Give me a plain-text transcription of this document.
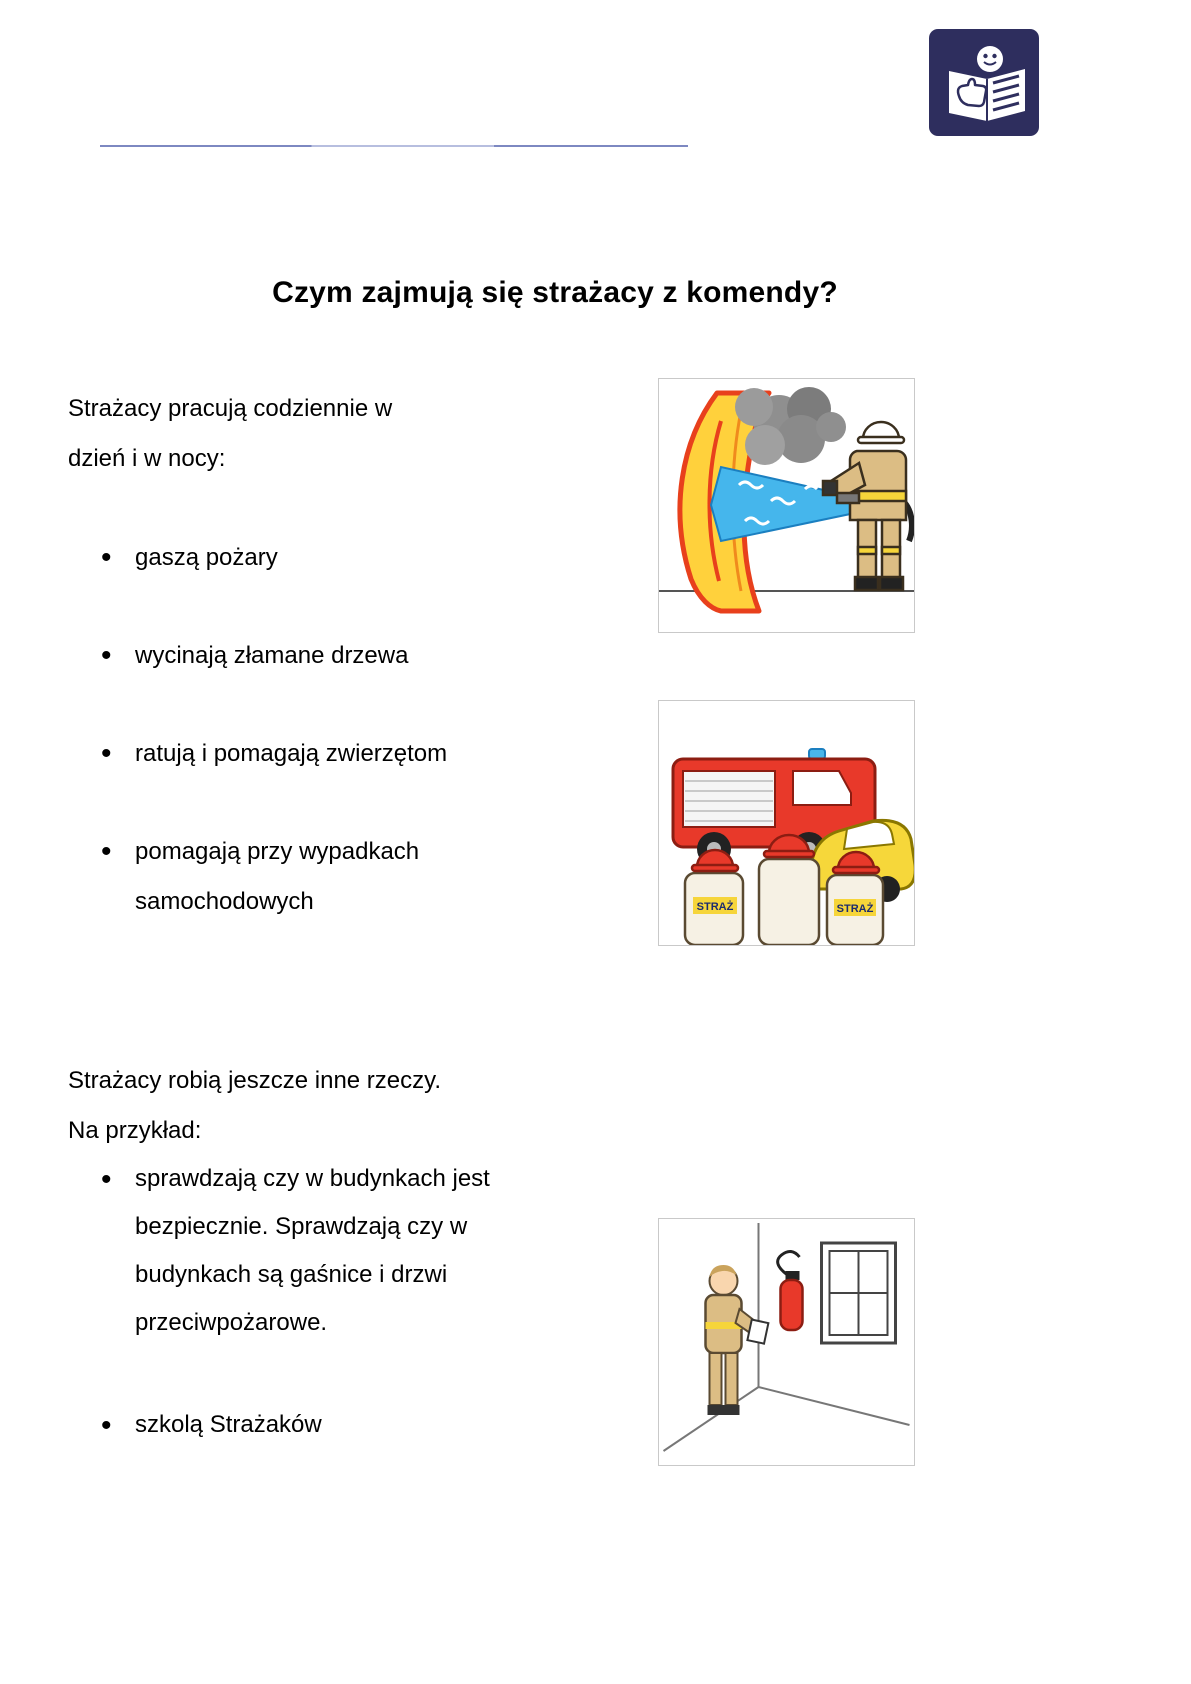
Czym zajmują się strażacy z komendy?
Strażacy pracują codziennie w
dzień i w nocy:
• gaszą pożary
• wycinają złamane drzewa
• ratują i pomagają zwierzętom
• pomagają przy wypadkach samochodowych	STRAŻ	STRAŻ
Strażacy robią jeszcze inne rzeczy.
Na przykład:
• sprawdzają czy w budynkach jest bezpiecznie. Sprawdzają czy w budynkach są gaśnice i drzwi przeciwpożarowe.
• szkolą Strażaków
